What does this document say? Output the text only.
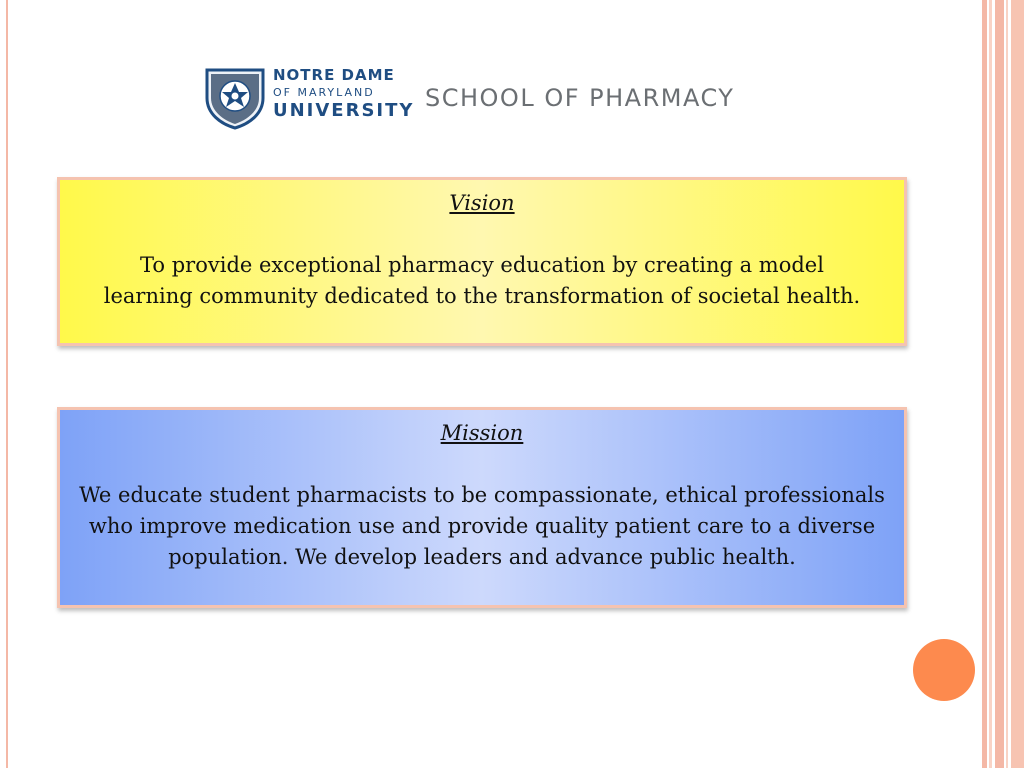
NOTRE DAME
OF MARYLAND
UNIVERSITY SCHOOL OF PHARMACY
Vision
To provide exceptional pharmacy education by creating a model learning community dedicated to the transformation of societal health.
Mission
We educate student pharmacists to be compassionate, ethical professionals who improve medication use and provide quality patient care to a diverse population. We develop leaders and advance public health.
